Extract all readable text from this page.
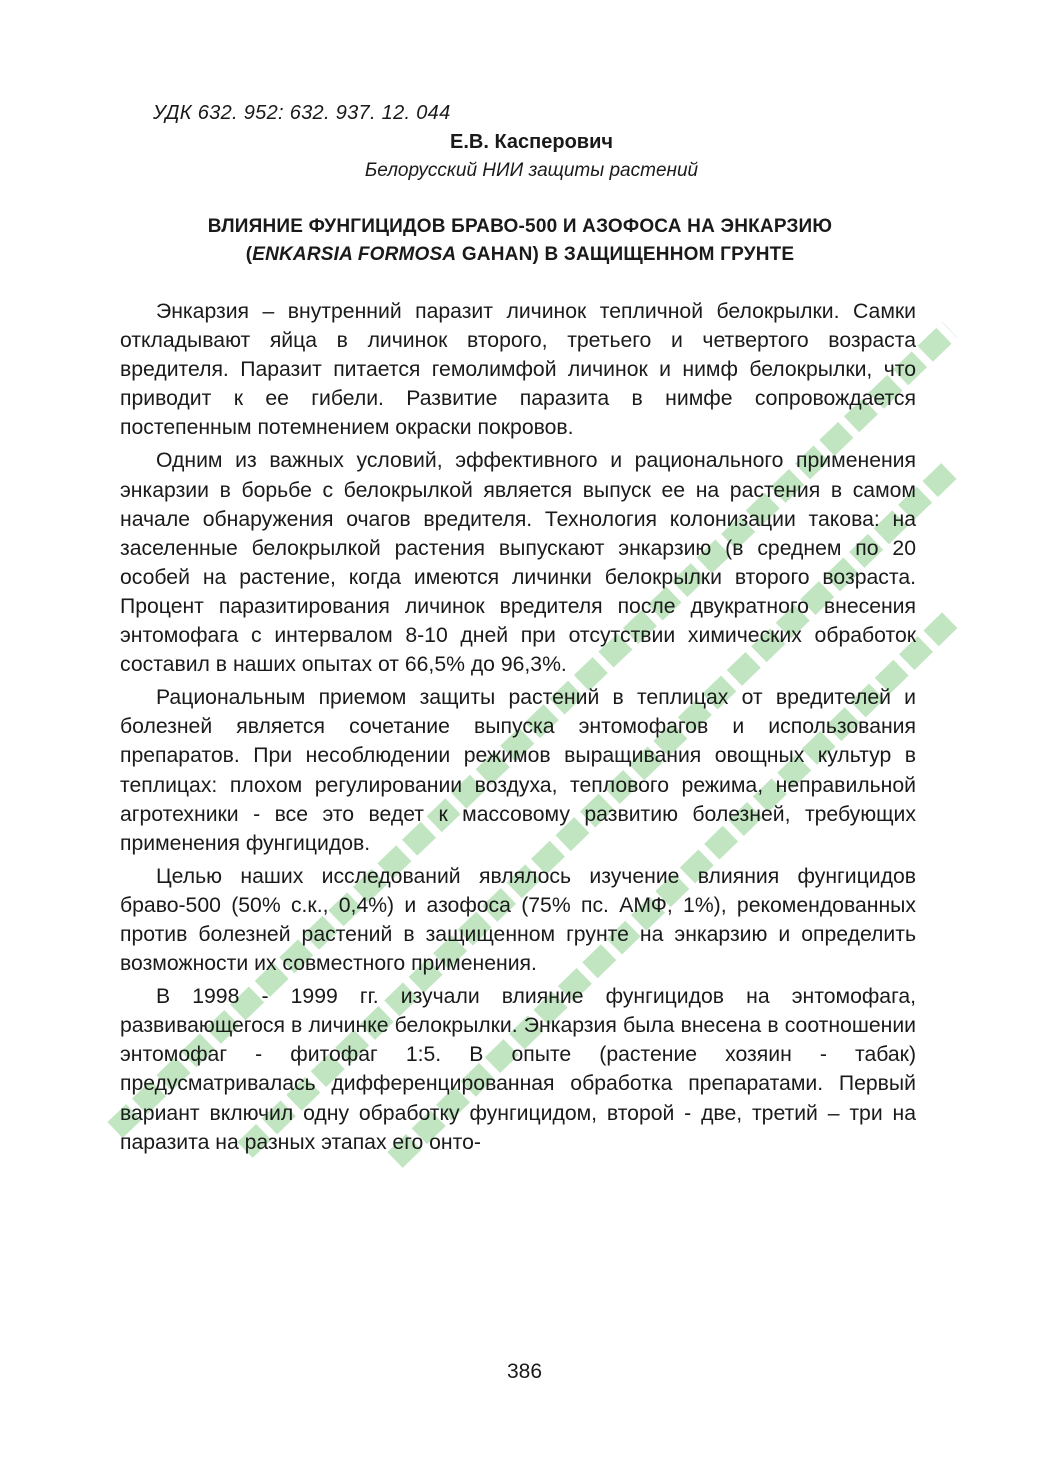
УДК 632. 952: 632. 937. 12. 044
Е.В. Касперович
Белорусский НИИ защиты растений
ВЛИЯНИЕ ФУНГИЦИДОВ БРАВО-500 И АЗОФОСА НА ЭНКАРЗИЮ
(ENKARSIA FORMOSA GAHAN) В ЗАЩИЩЕННОМ ГРУНТЕ

Энкарзия – внутренний паразит личинок тепличной белокрылки. Самки откладывают яйца в личинок второго, третьего и четвертого возраста вредителя. Паразит питается гемолимфой личинок и нимф белокрылки, что приводит к ее гибели. Развитие паразита в нимфе сопровождается постепенным потемнением окраски покровов.

Одним из важных условий, эффективного и рационального применения энкарзии в борьбе с белокрылкой является выпуск ее на растения в самом начале обнаружения очагов вредителя. Технология колонизации такова: на заселенные белокрылкой растения выпускают энкарзию (в среднем по 20 особей на растение, когда имеются личинки белокрылки второго возраста. Процент паразитирования личинок вредителя после двукратного внесения энтомофага с интервалом 8-10 дней при отсутствии химических обработок составил в наших опытах от 66,5% до 96,3%.

Рациональным приемом защиты растений в теплицах от вредителей и болезней является сочетание выпуска энтомофагов и использования препаратов. При несоблюдении режимов выращивания овощных культур в теплицах: плохом регулировании воздуха, теплового режима, неправильной агротехники - все это ведет к массовому развитию болезней, требующих применения фунгицидов.

Целью наших исследований являлось изучение влияния фунгицидов браво-500 (50% с.к., 0,4%) и азофоса (75% пс. АМФ, 1%), рекомендованных против болезней растений в защищенном грунте на энкарзию и определить возможности их совместного применения.

В 1998 - 1999 гг. изучали влияние фунгицидов на энтомофага, развивающегося в личинке белокрылки. Энкарзия была внесена в соотношении энтомофаг - фитофаг 1:5. В опыте (растение хозяин - табак) предусматривалась дифференцированная обработка препаратами. Первый вариант включил одну обработку фунгицидом, второй - две, третий – три на паразита на разных этапах его онто-

386
